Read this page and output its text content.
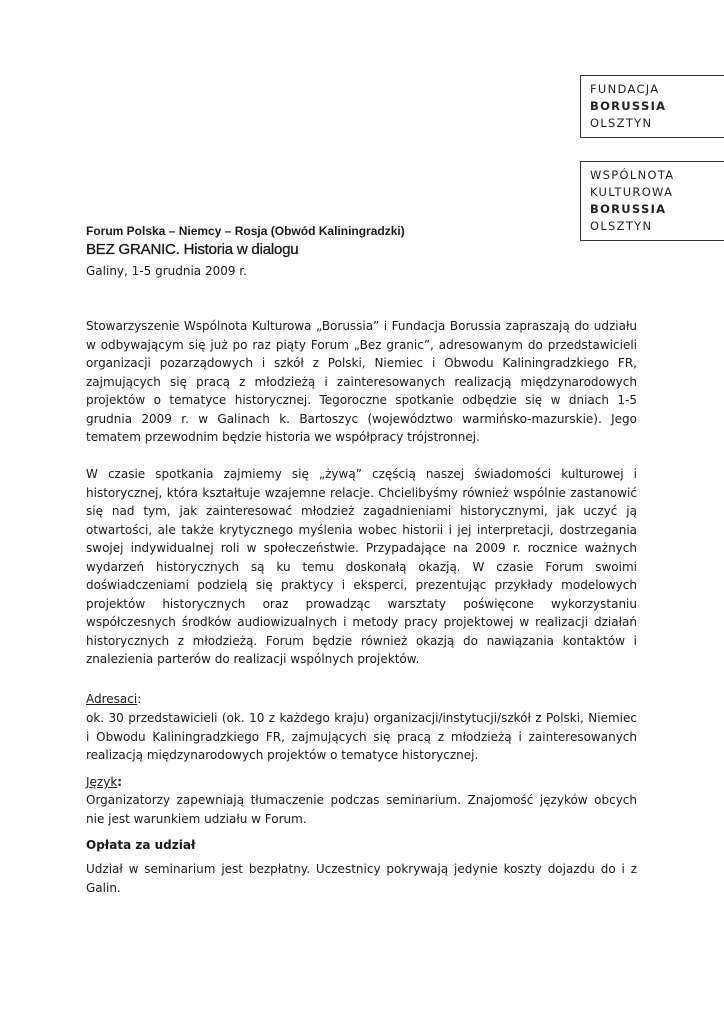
FUNDACJA
BORUSSIA
OLSZTYN
WSPÓLNOTA
KULTUROWA
BORUSSIA
OLSZTYN

Forum Polska – Niemcy – Rosja (Obwód Kaliningradzki)

BEZ GRANIC. Historia w dialogu

Galiny, 1-5 grudnia 2009 r.

Stowarzyszenie Wspólnota Kulturowa „Borussia” i Fundacja Borussia zapraszają do udziału w odbywającym się już po raz piąty Forum „Bez granic”, adresowanym do przedstawicieli organizacji pozarządowych i szkół z Polski, Niemiec i Obwodu Kaliningradzkiego FR, zajmujących się pracą z młodzieżą i zainteresowanych realizacją międzynarodowych projektów o tematyce historycznej. Tegoroczne spotkanie odbędzie się w dniach 1-5 grudnia 2009 r. w Galinach k. Bartoszyc (województwo warmińsko-mazurskie). Jego tematem przewodnim będzie historia we współpracy trójstronnej.

W czasie spotkania zajmiemy się „żywą” częścią naszej świadomości kulturowej i historycznej, która kształtuje wzajemne relacje. Chcielibyśmy również wspólnie zastanowić się nad tym, jak zainteresować młodzież zagadnieniami historycznymi, jak uczyć ją otwartości, ale także krytycznego myślenia wobec historii i jej interpretacji, dostrzegania swojej indywidualnej roli w społeczeństwie. Przypadające na 2009 r. rocznice ważnych wydarzeń historycznych są ku temu doskonałą okazją. W czasie Forum swoimi doświadczeniami podzielą się praktycy i eksperci, prezentując przykłady modelowych projektów historycznych oraz prowadząc warsztaty poświęcone wykorzystaniu współczesnych środków audiowizualnych i metody pracy projektowej w realizacji działań historycznych z młodzieżą. Forum będzie również okazją do nawiązania kontaktów i znalezienia parterów do realizacji wspólnych projektów.

Adresaci:

ok. 30 przedstawicieli (ok. 10 z każdego kraju) organizacji/instytucji/szkół z Polski, Niemiec i Obwodu Kaliningradzkiego FR, zajmujących się pracą z młodzieżą i zainteresowanych realizacją międzynarodowych projektów o tematyce historycznej.

Język:

Organizatorzy zapewniają tłumaczenie podczas seminarium. Znajomość języków obcych nie jest warunkiem udziału w Forum.

Opłata za udział

Udział w seminarium jest bezpłatny. Uczestnicy pokrywają jedynie koszty dojazdu do i z Galin.
